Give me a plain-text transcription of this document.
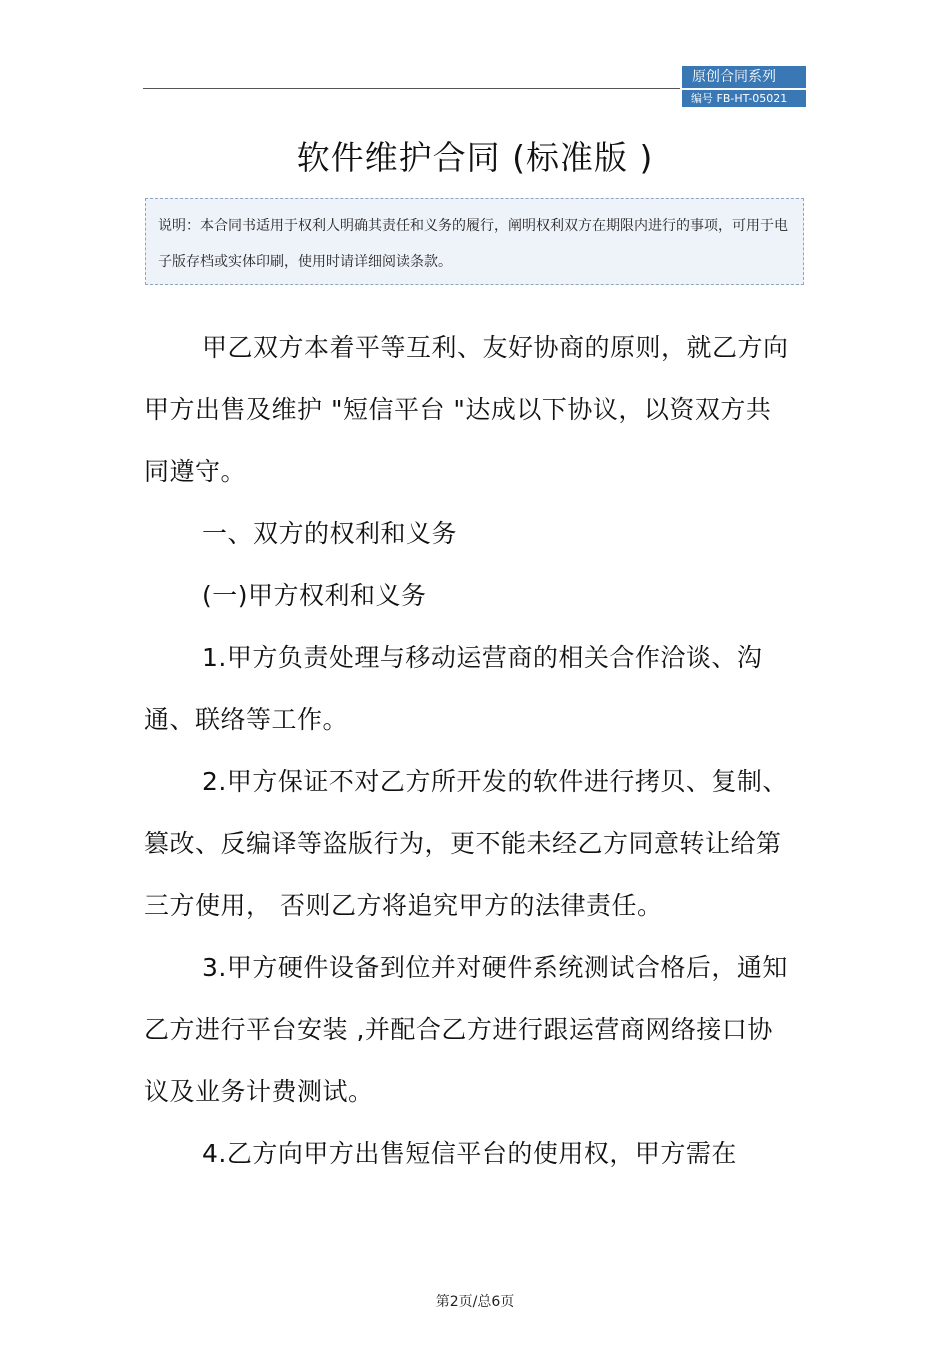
原创合同系列
编号 FB-HT-05021
软件维护合同 (标准版 )
说明：本合同书适用于权利人明确其责任和义务的履行，阐明权利双方在期限内进行的事项，可用于电子版存档或实体印刷，使用时请详细阅读条款。

甲乙双方本着平等互利、友好协商的原则，就乙方向甲方出售及维护 "短信平台 "达成以下协议，以资双方共同遵守。

一、双方的权利和义务

(一)甲方权利和义务

1.甲方负责处理与移动运营商的相关合作洽谈、沟通、联络等工作。

2.甲方保证不对乙方所开发的软件进行拷贝、复制、篡改、反编译等盗版行为，更不能未经乙方同意转让给第三方使用， 否则乙方将追究甲方的法律责任。

3.甲方硬件设备到位并对硬件系统测试合格后，通知乙方进行平台安装 ,并配合乙方进行跟运营商网络接口协议及业务计费测试。

4.乙方向甲方出售短信平台的使用权，甲方需在

第2页/总6页
